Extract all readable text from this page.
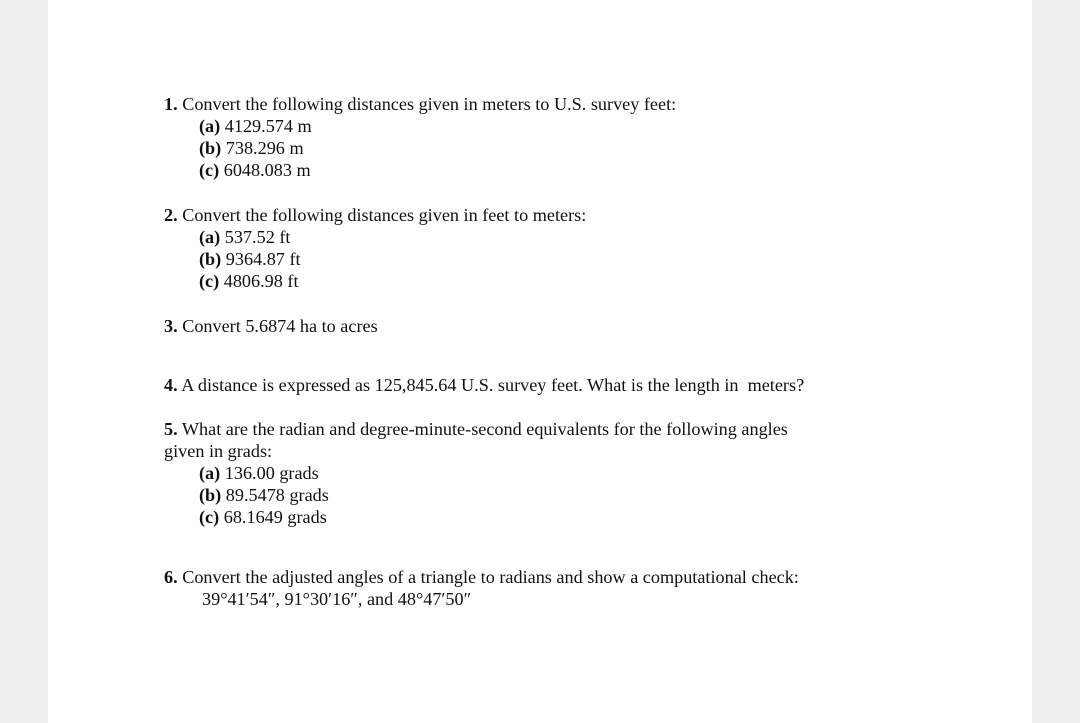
1. Convert the following distances given in meters to U.S. survey feet:
(a) 4129.574 m
(b) 738.296 m
(c) 6048.083 m
2. Convert the following distances given in feet to meters:
(a) 537.52 ft
(b) 9364.87 ft
(c) 4806.98 ft
3. Convert 5.6874 ha to acres
4. A distance is expressed as 125,845.64 U.S. survey feet. What is the length in  meters?
5. What are the radian and degree-minute-second equivalents for the following angles
given in grads:
(a) 136.00 grads
(b) 89.5478 grads
(c) 68.1649 grads
6. Convert the adjusted angles of a triangle to radians and show a computational check:
39°41′54″, 91°30′16″, and 48°47′50″
